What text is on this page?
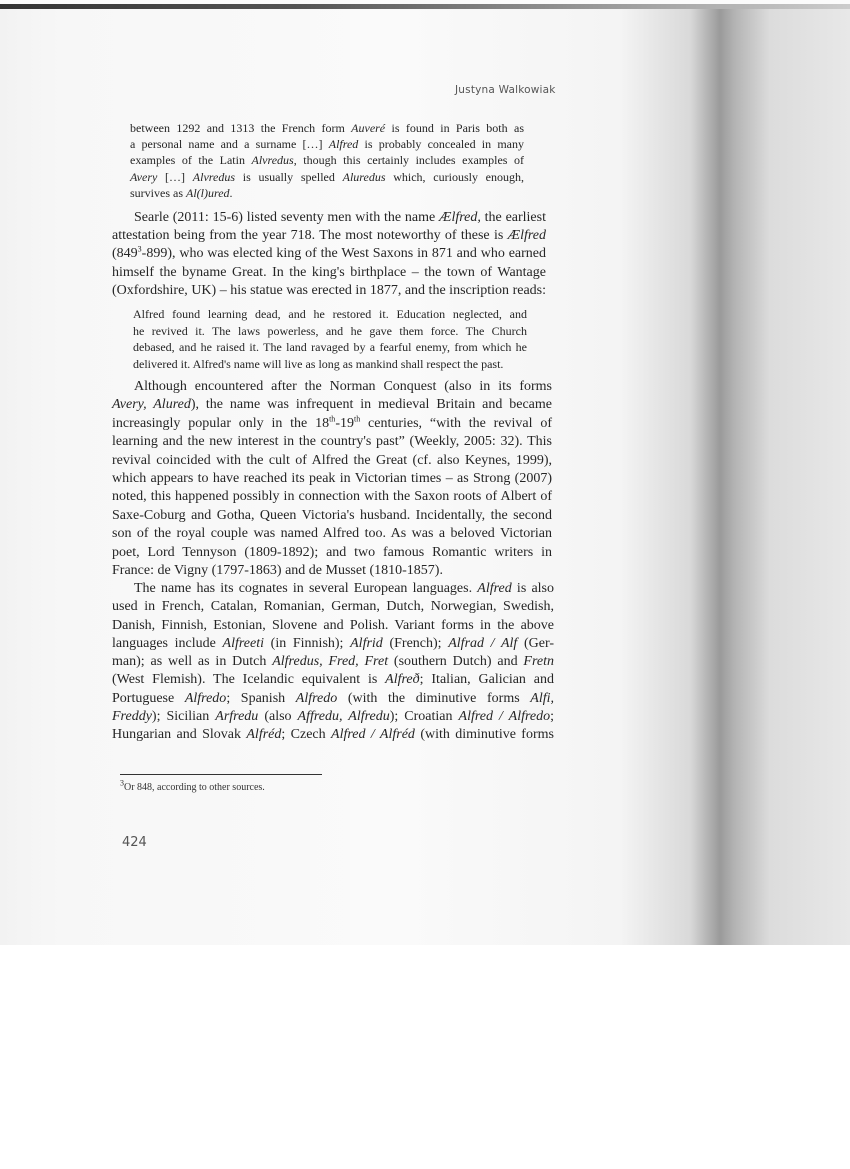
Justyna Walkowiak
between 1292 and 1313 the French form Auveré is found in Paris both as
a personal name and a surname […] Alfred is probably concealed in many
examples of the Latin Alvredus, though this certainly includes examples of
Avery […] Alvredus is usually spelled Aluredus which, curiously enough,
survives as Al(l)ured.
Searle (2011: 15-6) listed seventy men with the name Ælfred, the earliest
attestation being from the year 718. The most noteworthy of these is Ælfred
$(849^3-899)$, who was elected king of the West Saxons in 871 and who earned
himself the byname Great. In the king's birthplace – the town of Wantage
(Oxfordshire, UK) – his statue was erected in 1877, and the inscription reads:
Alfred found learning dead, and he restored it. Education neglected, and
he revived it. The laws powerless, and he gave them force. The Church
debased, and he raised it. The land ravaged by a fearful enemy, from which he
delivered it. Alfred's name will live as long as mankind shall respect the past.
Although encountered after the Norman Conquest (also in its forms
Avery, Alured), the name was infrequent in medieval Britain and became
increasingly popular only in the 18th-19th centuries, “with the revival of
learning and the new interest in the country's past” (Weekly, 2005: 32). This
revival coincided with the cult of Alfred the Great (cf. also Keynes, 1999),
which appears to have reached its peak in Victorian times – as Strong (2007)
noted, this happened possibly in connection with the Saxon roots of Albert of
Saxe-Coburg and Gotha, Queen Victoria's husband. Incidentally, the second
son of the royal couple was named Alfred too. As was a beloved Victorian
poet, Lord Tennyson (1809-1892); and two famous Romantic writers in
France: de Vigny (1797-1863) and de Musset (1810-1857).
The name has its cognates in several European languages. Alfred is also
used in French, Catalan, Romanian, German, Dutch, Norwegian, Swedish,
Danish, Finnish, Estonian, Slovene and Polish. Variant forms in the above
languages include Alfreeti (in Finnish); Alfrid (French); Alfrad / Alf (Ger-
man); as well as in Dutch Alfredus, Fred, Fret (southern Dutch) and Fretn
(West Flemish). The Icelandic equivalent is Alfreð; Italian, Galician and
Portuguese Alfredo; Spanish Alfredo (with the diminutive forms Alfi,
Freddy); Sicilian Arfredu (also Affredu, Alfredu); Croatian Alfred / Alfredo;
Hungarian and Slovak Alfréd; Czech Alfred / Alfréd (with diminutive forms
$^3$Or 848, according to other sources.
424
